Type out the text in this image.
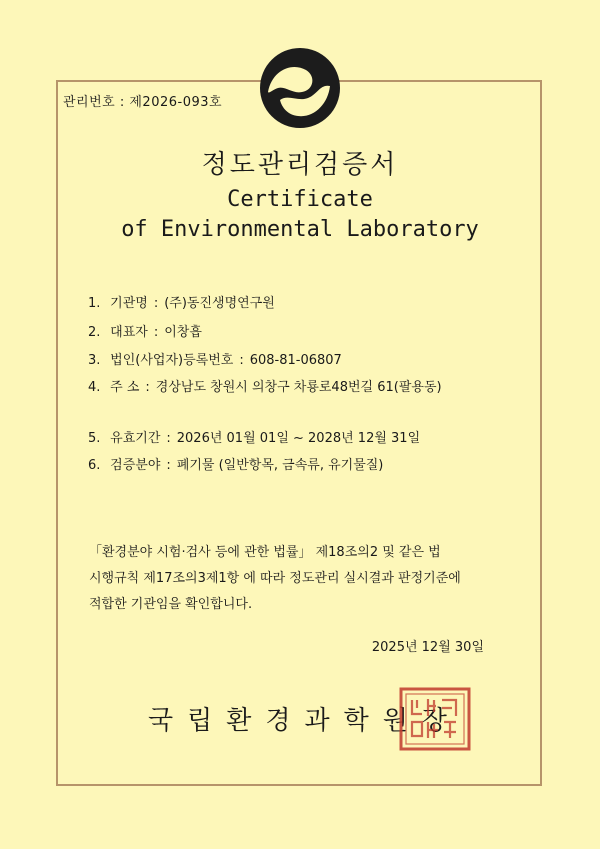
관리번호 : 제2026-093호
정도관리검증서
Certificate
of Environmental Laboratory
1. 기관명 : (주)동진생명연구원
2. 대표자 : 이창흡
3. 법인(사업자)등록번호 : 608-81-06807
4. 주 소 : 경상남도 창원시 의창구 차룡로48번길 61(팔용동)
5. 유효기간 : 2026년 01월 01일 ~ 2028년 12월 31일
6. 검증분야 : 폐기물 (일반항목, 금속류, 유기물질)
「환경분야 시험·검사 등에 관한 법률」 제18조의2 및 같은 법
시행규칙 제17조의3제1항 에 따라 정도관리 실시결과 판정기준에
적합한 기관임을 확인합니다.
2025년 12월 30일
국립환경과학원장
